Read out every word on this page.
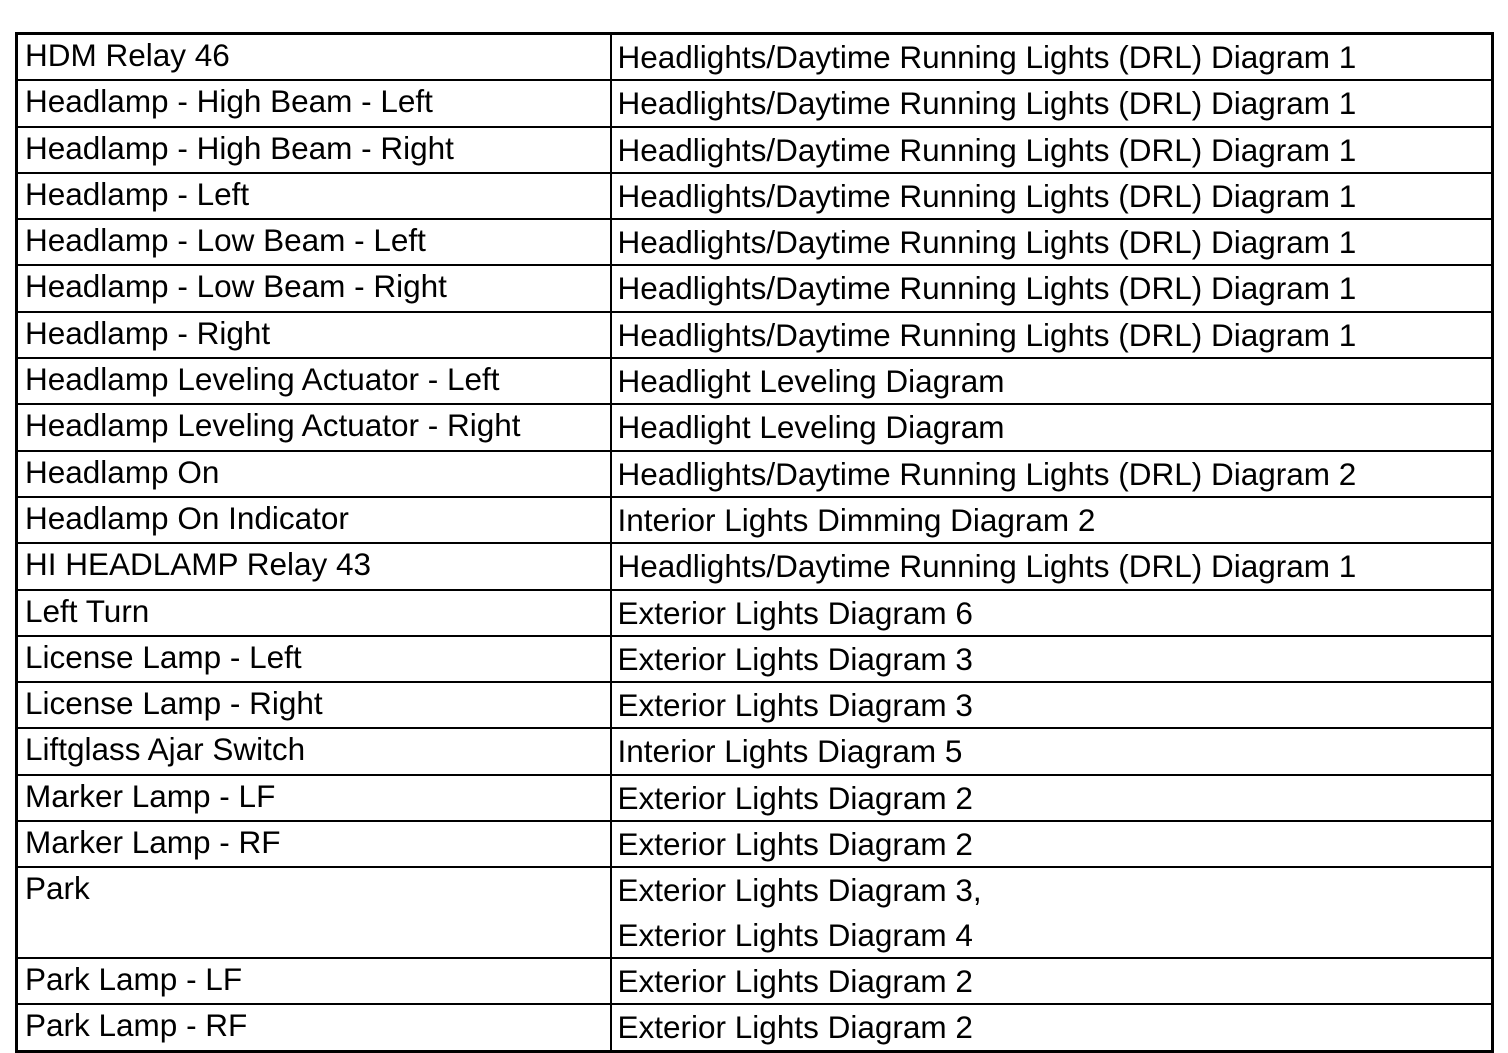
HDM Relay 46	Headlights/Daytime Running Lights (DRL) Diagram 1

Headlamp - High Beam - Left	Headlights/Daytime Running Lights (DRL) Diagram 1

Headlamp - High Beam - Right	Headlights/Daytime Running Lights (DRL) Diagram 1

Headlamp - Left	Headlights/Daytime Running Lights (DRL) Diagram 1

Headlamp - Low Beam - Left	Headlights/Daytime Running Lights (DRL) Diagram 1

Headlamp - Low Beam - Right	Headlights/Daytime Running Lights (DRL) Diagram 1

Headlamp - Right	Headlights/Daytime Running Lights (DRL) Diagram 1

Headlamp Leveling Actuator - Left	Headlight Leveling Diagram

Headlamp Leveling Actuator - Right	Headlight Leveling Diagram

Headlamp On	Headlights/Daytime Running Lights (DRL) Diagram 2

Headlamp On Indicator	Interior Lights Dimming Diagram 2

HI HEADLAMP Relay 43	Headlights/Daytime Running Lights (DRL) Diagram 1

Left Turn	Exterior Lights Diagram 6

License Lamp - Left	Exterior Lights Diagram 3

License Lamp - Right	Exterior Lights Diagram 3

Liftglass Ajar Switch	Interior Lights Diagram 5

Marker Lamp - LF	Exterior Lights Diagram 2

Marker Lamp - RF	Exterior Lights Diagram 2

Park	Exterior Lights Diagram 3,
Exterior Lights Diagram 4

Park Lamp - LF	Exterior Lights Diagram 2

Park Lamp - RF	Exterior Lights Diagram 2
